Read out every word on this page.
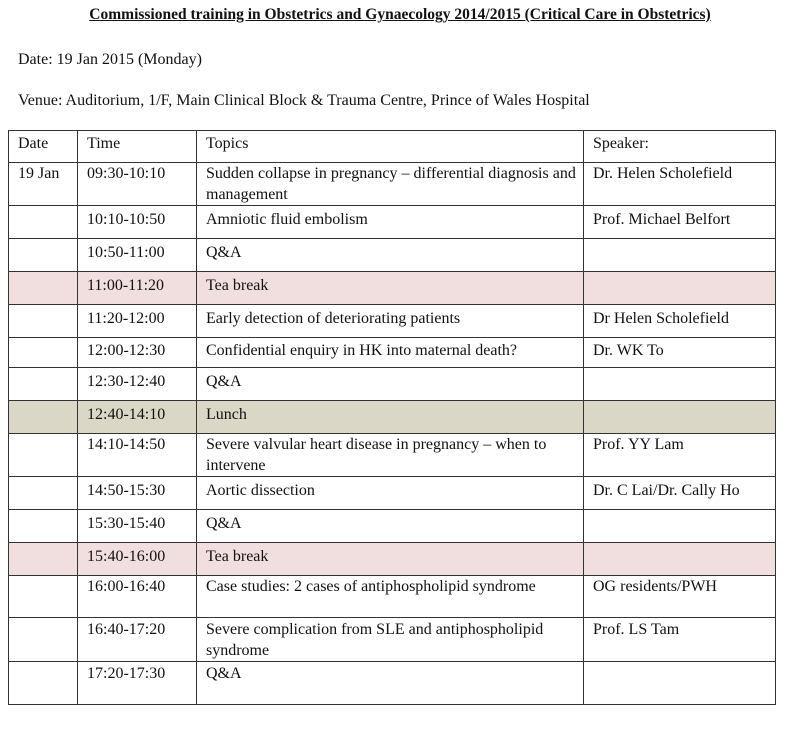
Commissioned training in Obstetrics and Gynaecology 2014/2015 (Critical Care in Obstetrics)
Date: 19 Jan 2015 (Monday)
Venue: Auditorium, 1/F, Main Clinical Block & Trauma Centre, Prince of Wales Hospital
Date	Time	Topics	Speaker:
19 Jan	09:30-10:10	Sudden collapse in pregnancy – differential diagnosis and management	Dr. Helen Scholefield
	10:10-10:50	Amniotic fluid embolism	Prof. Michael Belfort
	10:50-11:00	Q&A	
	11:00-11:20	Tea break	
	11:20-12:00	Early detection of deteriorating patients	Dr Helen Scholefield
	12:00-12:30	Confidential enquiry in HK into maternal death?	Dr. WK To
	12:30-12:40	Q&A	
	12:40-14:10	Lunch	
	14:10-14:50	Severe valvular heart disease in pregnancy – when to intervene	Prof. YY Lam
	14:50-15:30	Aortic dissection	Dr. C Lai/Dr. Cally Ho
	15:30-15:40	Q&A	
	15:40-16:00	Tea break	
	16:00-16:40	Case studies: 2 cases of antiphospholipid syndrome	OG residents/PWH
	16:40-17:20	Severe complication from SLE and antiphospholipid syndrome	Prof. LS Tam
	17:20-17:30	Q&A	
